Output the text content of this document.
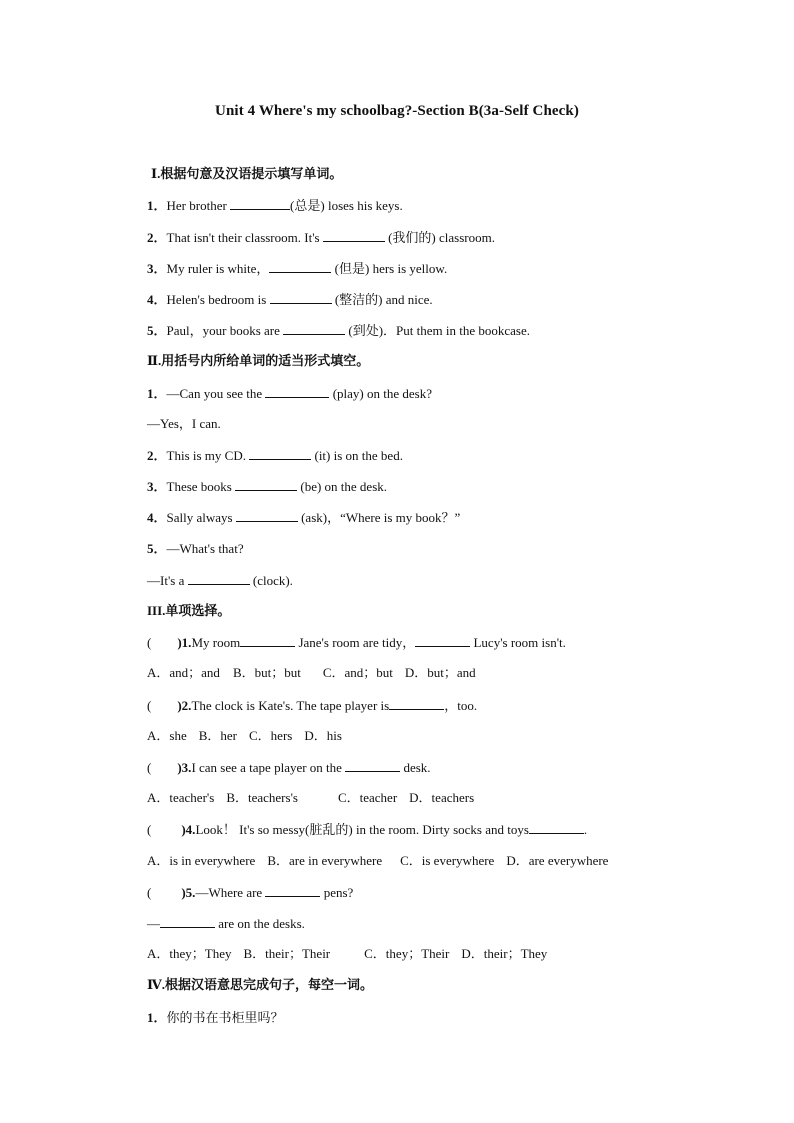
Unit 4 Where's my schoolbag?-Section B(3a-Self Check)
Ⅰ.根据句意及汉语提示填写单词。
1．Her brother	(总是) loses his keys.
2．That isn't their classroom. It's	(我们的) classroom.
3．My ruler is white，	(但是) hers is yellow.
4．Helen's bedroom is	(整洁的) and nice.
5．Paul，your books are	(到处)．Put them in the bookcase.
Ⅱ.用括号内所给单词的适当形式填空。
1．—Can you see the	(play) on the desk?
—Yes，I can.
2．This is my CD.	(it) is on the bed.
3．These books	(be) on the desk.
4．Sally always	(ask)，“Where is my book？”
5．—What's that?
—It's a	(clock).
III.单项选择。
( )1.My room	Jane's room are tidy，	Lucy's room isn't.
A．and；and B．but；but C．and；but D．but；and
( )2.The clock is Kate's. The tape player is	，too.
A．she B．her C．hers D．his
( )3.I can see a tape player on the	desk.
A．teacher's B．teachers's	C．teacher D．teachers
( )4.Look！ It's so messy(脏乱的) in the room. Dirty socks and toys	.
A．is in everywhere B．are in everywhere C．is everywhere D．are everywhere
( )5.—Where are	pens?
—	are on the desks.
A．they；They B．their；Their	C．they；Their D．their；They
Ⅳ.根据汉语意思完成句子，每空一词。
1．你的书在书柜里吗？
